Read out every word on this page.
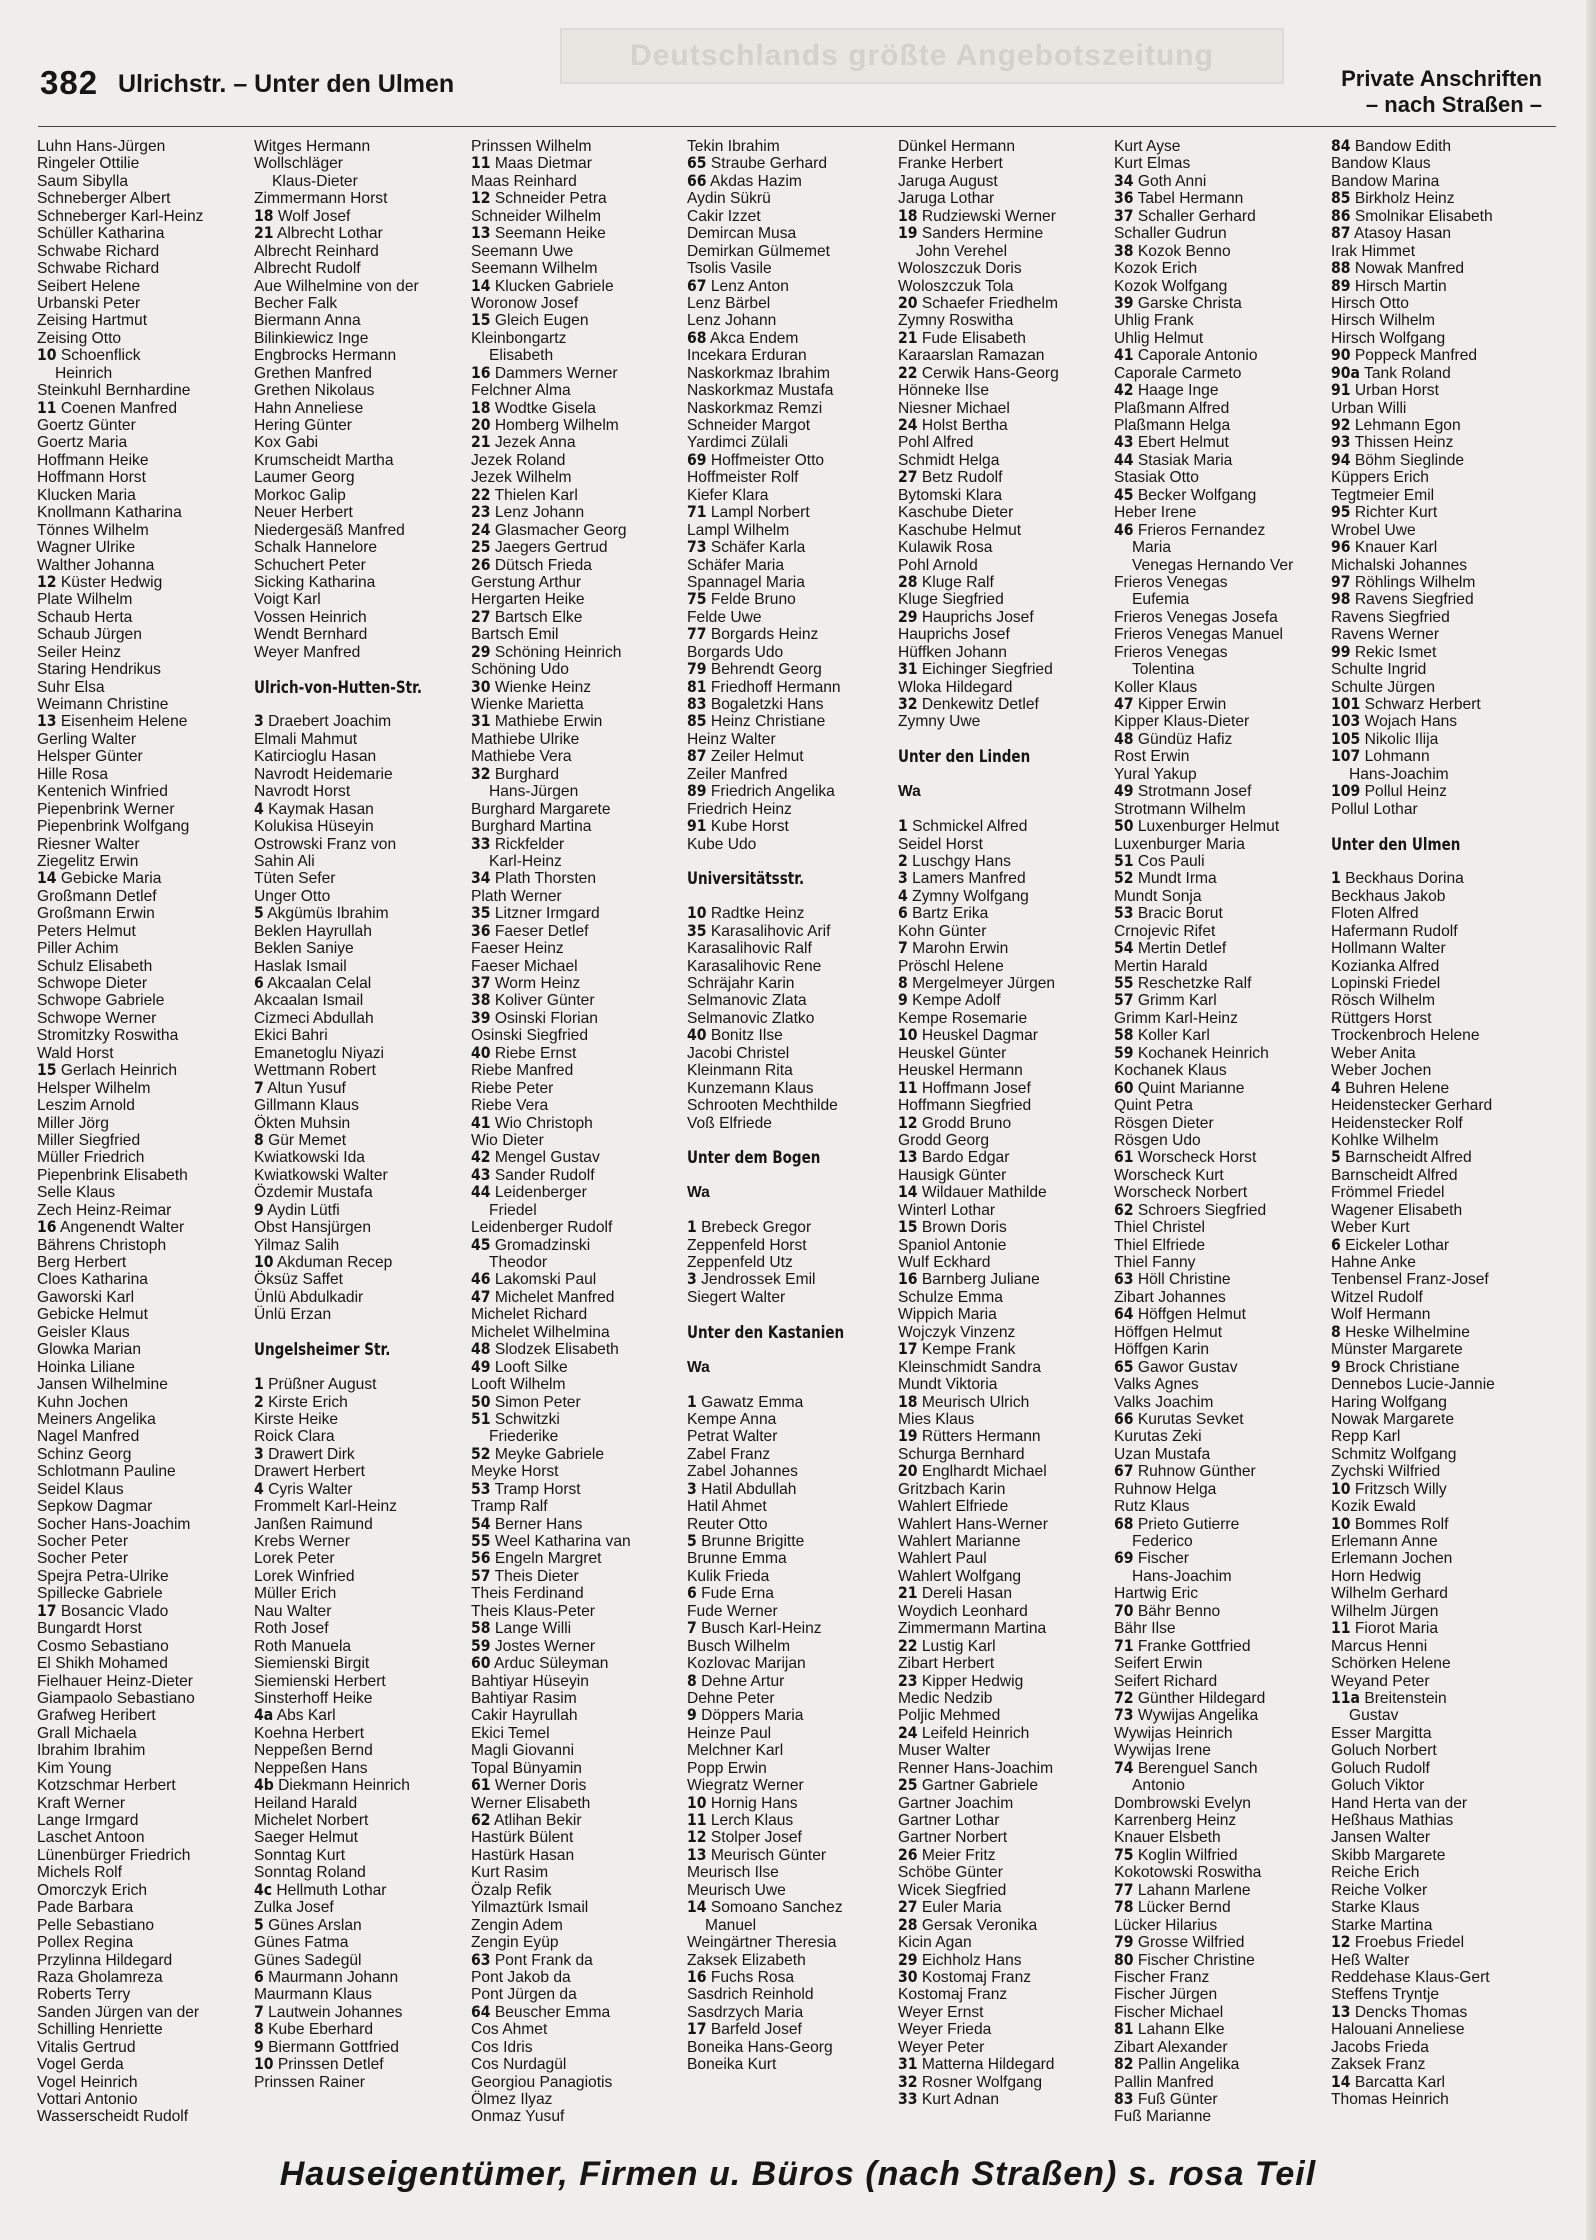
Deutschlands größte Angebotszeitung
382 Ulrichstr. – Unter den Ulmen	Private Anschriften
– nach Straßen –
Luhn Hans-Jürgen
Ringeler Ottilie
Saum Sibylla
Schneberger Albert
Schneberger Karl-Heinz
Schüller Katharina
Schwabe Richard
Schwabe Richard
Seibert Helene
Urbanski Peter
Zeising Hartmut
Zeising Otto
10 Schoenflick
Heinrich
Steinkuhl Bernhardine
11 Coenen Manfred
Goertz Günter
Goertz Maria
Hoffmann Heike
Hoffmann Horst
Klucken Maria
Knollmann Katharina
Tönnes Wilhelm
Wagner Ulrike
Walther Johanna
12 Küster Hedwig
Plate Wilhelm
Schaub Herta
Schaub Jürgen
Seiler Heinz
Staring Hendrikus
Suhr Elsa
Weimann Christine
13 Eisenheim Helene
Gerling Walter
Helsper Günter
Hille Rosa
Kentenich Winfried
Piepenbrink Werner
Piepenbrink Wolfgang
Riesner Walter
Ziegelitz Erwin
14 Gebicke Maria
Großmann Detlef
Großmann Erwin
Peters Helmut
Piller Achim
Schulz Elisabeth
Schwope Dieter
Schwope Gabriele
Schwope Werner
Stromitzky Roswitha
Wald Horst
15 Gerlach Heinrich
Helsper Wilhelm
Leszim Arnold
Miller Jörg
Miller Siegfried
Müller Friedrich
Piepenbrink Elisabeth
Selle Klaus
Zech Heinz-Reimar
16 Angenendt Walter
Bährens Christoph
Berg Herbert
Cloes Katharina
Gaworski Karl
Gebicke Helmut
Geisler Klaus
Glowka Marian
Hoinka Liliane
Jansen Wilhelmine
Kuhn Jochen
Meiners Angelika
Nagel Manfred
Schinz Georg
Schlotmann Pauline
Seidel Klaus
Sepkow Dagmar
Socher Hans-Joachim
Socher Peter
Socher Peter
Spejra Petra-Ulrike
Spillecke Gabriele
17 Bosancic Vlado
Bungardt Horst
Cosmo Sebastiano
El Shikh Mohamed
Fielhauer Heinz-Dieter
Giampaolo Sebastiano
Grafweg Heribert
Grall Michaela
Ibrahim Ibrahim
Kim Young
Kotzschmar Herbert
Kraft Werner
Lange Irmgard
Laschet Antoon
Lünenbürger Friedrich
Michels Rolf
Omorczyk Erich
Pade Barbara
Pelle Sebastiano
Pollex Regina
Przylinna Hildegard
Raza Gholamreza
Roberts Terry
Sanden Jürgen van der
Schilling Henriette
Vitalis Gertrud
Vogel Gerda
Vogel Heinrich
Vottari Antonio
Wasserscheidt Rudolf
Witges Hermann
Wollschläger
Klaus-Dieter
Zimmermann Horst
18 Wolf Josef
21 Albrecht Lothar
Albrecht Reinhard
Albrecht Rudolf
Aue Wilhelmine von der
Becher Falk
Biermann Anna
Bilinkiewicz Inge
Engbrocks Hermann
Grethen Manfred
Grethen Nikolaus
Hahn Anneliese
Hering Günter
Kox Gabi
Krumscheidt Martha
Laumer Georg
Morkoc Galip
Neuer Herbert
Niedergesäß Manfred
Schalk Hannelore
Schuchert Peter
Sicking Katharina
Voigt Karl
Vossen Heinrich
Wendt Bernhard
Weyer Manfred

Ulrich-von-Hutten-Str.

3 Draebert Joachim
Elmali Mahmut
Katircioglu Hasan
Navrodt Heidemarie
Navrodt Horst
4 Kaymak Hasan
Kolukisa Hüseyin
Ostrowski Franz von
Sahin Ali
Tüten Sefer
Unger Otto
5 Akgümüs Ibrahim
Beklen Hayrullah
Beklen Saniye
Haslak Ismail
6 Akcaalan Celal
Akcaalan Ismail
Cizmeci Abdullah
Ekici Bahri
Emanetoglu Niyazi
Wettmann Robert
7 Altun Yusuf
Gillmann Klaus
Ökten Muhsin
8 Gür Memet
Kwiatkowski Ida
Kwiatkowski Walter
Özdemir Mustafa
9 Aydin Lütfi
Obst Hansjürgen
Yilmaz Salih
10 Akduman Recep
Öksüz Saffet
Ünlü Abdulkadir
Ünlü Erzan

Ungelsheimer Str.

1 Prüßner August
2 Kirste Erich
Kirste Heike
Roick Clara
3 Drawert Dirk
Drawert Herbert
4 Cyris Walter
Frommelt Karl-Heinz
Janßen Raimund
Krebs Werner
Lorek Peter
Lorek Winfried
Müller Erich
Nau Walter
Roth Josef
Roth Manuela
Siemienski Birgit
Siemienski Herbert
Sinsterhoff Heike
4a Abs Karl
Koehna Herbert
Neppeßen Bernd
Neppeßen Hans
4b Diekmann Heinrich
Heiland Harald
Michelet Norbert
Saeger Helmut
Sonntag Kurt
Sonntag Roland
4c Hellmuth Lothar
Zulka Josef
5 Günes Arslan
Günes Fatma
Günes Sadegül
6 Maurmann Johann
Maurmann Klaus
7 Lautwein Johannes
8 Kube Eberhard
9 Biermann Gottfried
10 Prinssen Detlef
Prinssen Rainer
Prinssen Wilhelm
11 Maas Dietmar
Maas Reinhard
12 Schneider Petra
Schneider Wilhelm
13 Seemann Heike
Seemann Uwe
Seemann Wilhelm
14 Klucken Gabriele
Woronow Josef
15 Gleich Eugen
Kleinbongartz
Elisabeth
16 Dammers Werner
Felchner Alma
18 Wodtke Gisela
20 Homberg Wilhelm
21 Jezek Anna
Jezek Roland
Jezek Wilhelm
22 Thielen Karl
23 Lenz Johann
24 Glasmacher Georg
25 Jaegers Gertrud
26 Dütsch Frieda
Gerstung Arthur
Hergarten Heike
27 Bartsch Elke
Bartsch Emil
29 Schöning Heinrich
Schöning Udo
30 Wienke Heinz
Wienke Marietta
31 Mathiebe Erwin
Mathiebe Ulrike
Mathiebe Vera
32 Burghard
Hans-Jürgen
Burghard Margarete
Burghard Martina
33 Rickfelder
Karl-Heinz
34 Plath Thorsten
Plath Werner
35 Litzner Irmgard
36 Faeser Detlef
Faeser Heinz
Faeser Michael
37 Worm Heinz
38 Koliver Günter
39 Osinski Florian
Osinski Siegfried
40 Riebe Ernst
Riebe Manfred
Riebe Peter
Riebe Vera
41 Wio Christoph
Wio Dieter
42 Mengel Gustav
43 Sander Rudolf
44 Leidenberger
Friedel
Leidenberger Rudolf
45 Gromadzinski
Theodor
46 Lakomski Paul
47 Michelet Manfred
Michelet Richard
Michelet Wilhelmina
48 Slodzek Elisabeth
49 Looft Silke
Looft Wilhelm
50 Simon Peter
51 Schwitzki
Friederike
52 Meyke Gabriele
Meyke Horst
53 Tramp Horst
Tramp Ralf
54 Berner Hans
55 Weel Katharina van
56 Engeln Margret
57 Theis Dieter
Theis Ferdinand
Theis Klaus-Peter
58 Lange Willi
59 Jostes Werner
60 Arduc Süleyman
Bahtiyar Hüseyin
Bahtiyar Rasim
Cakir Hayrullah
Ekici Temel
Magli Giovanni
Topal Bünyamin
61 Werner Doris
Werner Elisabeth
62 Atlihan Bekir
Hastürk Bülent
Hastürk Hasan
Kurt Rasim
Özalp Refik
Yilmaztürk Ismail
Zengin Adem
Zengin Eyüp
63 Pont Frank da
Pont Jakob da
Pont Jürgen da
64 Beuscher Emma
Cos Ahmet
Cos Idris
Cos Nurdagül
Georgiou Panagiotis
Ölmez Ilyaz
Onmaz Yusuf
Tekin Ibrahim
65 Straube Gerhard
66 Akdas Hazim
Aydin Sükrü
Cakir Izzet
Demircan Musa
Demirkan Gülmemet
Tsolis Vasile
67 Lenz Anton
Lenz Bärbel
Lenz Johann
68 Akca Endem
Incekara Erduran
Naskorkmaz Ibrahim
Naskorkmaz Mustafa
Naskorkmaz Remzi
Schneider Margot
Yardimci Zülali
69 Hoffmeister Otto
Hoffmeister Rolf
Kiefer Klara
71 Lampl Norbert
Lampl Wilhelm
73 Schäfer Karla
Schäfer Maria
Spannagel Maria
75 Felde Bruno
Felde Uwe
77 Borgards Heinz
Borgards Udo
79 Behrendt Georg
81 Friedhoff Hermann
83 Bogaletzki Hans
85 Heinz Christiane
Heinz Walter
87 Zeiler Helmut
Zeiler Manfred
89 Friedrich Angelika
Friedrich Heinz
91 Kube Horst
Kube Udo

Universitätsstr.

10 Radtke Heinz
35 Karasalihovic Arif
Karasalihovic Ralf
Karasalihovic Rene
Schräjahr Karin
Selmanovic Zlata
Selmanovic Zlatko
40 Bonitz Ilse
Jacobi Christel
Kleinmann Rita
Kunzemann Klaus
Schrooten Mechthilde
Voß Elfriede

Unter dem Bogen

Wa

1 Brebeck Gregor
Zeppenfeld Horst
Zeppenfeld Utz
3 Jendrossek Emil
Siegert Walter

Unter den Kastanien

Wa

1 Gawatz Emma
Kempe Anna
Petrat Walter
Zabel Franz
Zabel Johannes
3 Hatil Abdullah
Hatil Ahmet
Reuter Otto
5 Brunne Brigitte
Brunne Emma
Kulik Frieda
6 Fude Erna
Fude Werner
7 Busch Karl-Heinz
Busch Wilhelm
Kozlovac Marijan
8 Dehne Artur
Dehne Peter
9 Döppers Maria
Heinze Paul
Melchner Karl
Popp Erwin
Wiegratz Werner
10 Hornig Hans
11 Lerch Klaus
12 Stolper Josef
13 Meurisch Günter
Meurisch Ilse
Meurisch Uwe
14 Somoano Sanchez
Manuel
Weingärtner Theresia
Zaksek Elizabeth
16 Fuchs Rosa
Sasdrich Reinhold
Sasdrzych Maria
17 Barfeld Josef
Boneika Hans-Georg
Boneika Kurt
Dünkel Hermann
Franke Herbert
Jaruga August
Jaruga Lothar
18 Rudziewski Werner
19 Sanders Hermine
John Verehel
Woloszczuk Doris
Woloszczuk Tola
20 Schaefer Friedhelm
Zymny Roswitha
21 Fude Elisabeth
Karaarslan Ramazan
22 Cerwik Hans-Georg
Hönneke Ilse
Niesner Michael
24 Holst Bertha
Pohl Alfred
Schmidt Helga
27 Betz Rudolf
Bytomski Klara
Kaschube Dieter
Kaschube Helmut
Kulawik Rosa
Pohl Arnold
28 Kluge Ralf
Kluge Siegfried
29 Hauprichs Josef
Hauprichs Josef
Hüffken Johann
31 Eichinger Siegfried
Wloka Hildegard
32 Denkewitz Detlef
Zymny Uwe

Unter den Linden

Wa

1 Schmickel Alfred
Seidel Horst
2 Luschgy Hans
3 Lamers Manfred
4 Zymny Wolfgang
6 Bartz Erika
Kohn Günter
7 Marohn Erwin
Pröschl Helene
8 Mergelmeyer Jürgen
9 Kempe Adolf
Kempe Rosemarie
10 Heuskel Dagmar
Heuskel Günter
Heuskel Hermann
11 Hoffmann Josef
Hoffmann Siegfried
12 Grodd Bruno
Grodd Georg
13 Bardo Edgar
Hausigk Günter
14 Wildauer Mathilde
Winterl Lothar
15 Brown Doris
Spaniol Antonie
Wulf Eckhard
16 Barnberg Juliane
Schulze Emma
Wippich Maria
Wojczyk Vinzenz
17 Kempe Frank
Kleinschmidt Sandra
Mundt Viktoria
18 Meurisch Ulrich
Mies Klaus
19 Rütters Hermann
Schurga Bernhard
20 Englhardt Michael
Gritzbach Karin
Wahlert Elfriede
Wahlert Hans-Werner
Wahlert Marianne
Wahlert Paul
Wahlert Wolfgang
21 Dereli Hasan
Woydich Leonhard
Zimmermann Martina
22 Lustig Karl
Zibart Herbert
23 Kipper Hedwig
Medic Nedzib
Poljic Mehmed
24 Leifeld Heinrich
Muser Walter
Renner Hans-Joachim
25 Gartner Gabriele
Gartner Joachim
Gartner Lothar
Gartner Norbert
26 Meier Fritz
Schöbe Günter
Wicek Siegfried
27 Euler Maria
28 Gersak Veronika
Kicin Agan
29 Eichholz Hans
30 Kostomaj Franz
Kostomaj Franz
Weyer Ernst
Weyer Frieda
Weyer Peter
31 Matterna Hildegard
32 Rosner Wolfgang
33 Kurt Adnan
Kurt Ayse
Kurt Elmas
34 Goth Anni
36 Tabel Hermann
37 Schaller Gerhard
Schaller Gudrun
38 Kozok Benno
Kozok Erich
Kozok Wolfgang
39 Garske Christa
Uhlig Frank
Uhlig Helmut
41 Caporale Antonio
Caporale Carmeto
42 Haage Inge
Plaßmann Alfred
Plaßmann Helga
43 Ebert Helmut
44 Stasiak Maria
Stasiak Otto
45 Becker Wolfgang
Heber Irene
46 Frieros Fernandez
Maria
Venegas Hernando Ver
Frieros Venegas
Eufemia
Frieros Venegas Josefa
Frieros Venegas Manuel
Frieros Venegas
Tolentina
Koller Klaus
47 Kipper Erwin
Kipper Klaus-Dieter
48 Gündüz Hafiz
Rost Erwin
Yural Yakup
49 Strotmann Josef
Strotmann Wilhelm
50 Luxenburger Helmut
Luxenburger Maria
51 Cos Pauli
52 Mundt Irma
Mundt Sonja
53 Bracic Borut
Crnojevic Rifet
54 Mertin Detlef
Mertin Harald
55 Reschetzke Ralf
57 Grimm Karl
Grimm Karl-Heinz
58 Koller Karl
59 Kochanek Heinrich
Kochanek Klaus
60 Quint Marianne
Quint Petra
Rösgen Dieter
Rösgen Udo
61 Worscheck Horst
Worscheck Kurt
Worscheck Norbert
62 Schroers Siegfried
Thiel Christel
Thiel Elfriede
Thiel Fanny
63 Höll Christine
Zibart Johannes
64 Höffgen Helmut
Höffgen Helmut
Höffgen Karin
65 Gawor Gustav
Valks Agnes
Valks Joachim
66 Kurutas Sevket
Kurutas Zeki
Uzan Mustafa
67 Ruhnow Günther
Ruhnow Helga
Rutz Klaus
68 Prieto Gutierre
Federico
69 Fischer
Hans-Joachim
Hartwig Eric
70 Bähr Benno
Bähr Ilse
71 Franke Gottfried
Seifert Erwin
Seifert Richard
72 Günther Hildegard
73 Wywijas Angelika
Wywijas Heinrich
Wywijas Irene
74 Berenguel Sanch
Antonio
Dombrowski Evelyn
Karrenberg Heinz
Knauer Elsbeth
75 Koglin Wilfried
Kokotowski Roswitha
77 Lahann Marlene
78 Lücker Bernd
Lücker Hilarius
79 Grosse Wilfried
80 Fischer Christine
Fischer Franz
Fischer Jürgen
Fischer Michael
81 Lahann Elke
Zibart Alexander
82 Pallin Angelika
Pallin Manfred
83 Fuß Günter
Fuß Marianne
84 Bandow Edith
Bandow Klaus
Bandow Marina
85 Birkholz Heinz
86 Smolnikar Elisabeth
87 Atasoy Hasan
Irak Himmet
88 Nowak Manfred
89 Hirsch Martin
Hirsch Otto
Hirsch Wilhelm
Hirsch Wolfgang
90 Poppeck Manfred
90a Tank Roland
91 Urban Horst
Urban Willi
92 Lehmann Egon
93 Thissen Heinz
94 Böhm Sieglinde
Küppers Erich
Tegtmeier Emil
95 Richter Kurt
Wrobel Uwe
96 Knauer Karl
Michalski Johannes
97 Röhlings Wilhelm
98 Ravens Siegfried
Ravens Siegfried
Ravens Werner
99 Rekic Ismet
Schulte Ingrid
Schulte Jürgen
101 Schwarz Herbert
103 Wojach Hans
105 Nikolic Ilija
107 Lohmann
Hans-Joachim
109 Pollul Heinz
Pollul Lothar

Unter den Ulmen

1 Beckhaus Dorina
Beckhaus Jakob
Floten Alfred
Hafermann Rudolf
Hollmann Walter
Kozianka Alfred
Lopinski Friedel
Rösch Wilhelm
Rüttgers Horst
Trockenbroch Helene
Weber Anita
Weber Jochen
4 Buhren Helene
Heidenstecker Gerhard
Heidenstecker Rolf
Kohlke Wilhelm
5 Barnscheidt Alfred
Barnscheidt Alfred
Frömmel Friedel
Wagener Elisabeth
Weber Kurt
6 Eickeler Lothar
Hahne Anke
Tenbensel Franz-Josef
Witzel Rudolf
Wolf Hermann
8 Heske Wilhelmine
Münster Margarete
9 Brock Christiane
Dennebos Lucie-Jannie
Haring Wolfgang
Nowak Margarete
Repp Karl
Schmitz Wolfgang
Zychski Wilfried
10 Fritzsch Willy
Kozik Ewald
10 Bommes Rolf
Erlemann Anne
Erlemann Jochen
Horn Hedwig
Wilhelm Gerhard
Wilhelm Jürgen
11 Fiorot Maria
Marcus Henni
Schörken Helene
Weyand Peter
11a Breitenstein
Gustav
Esser Margitta
Goluch Norbert
Goluch Rudolf
Goluch Viktor
Hand Herta van der
Heßhaus Mathias
Jansen Walter
Skibb Margarete
Reiche Erich
Reiche Volker
Starke Klaus
Starke Martina
12 Froebus Friedel
Heß Walter
Reddehase Klaus-Gert
Steffens Tryntje
13 Dencks Thomas
Halouani Anneliese
Jacobs Frieda
Zaksek Franz
14 Barcatta Karl
Thomas Heinrich
Hauseigentümer, Firmen u. Büros (nach Straßen) s. rosa Teil
